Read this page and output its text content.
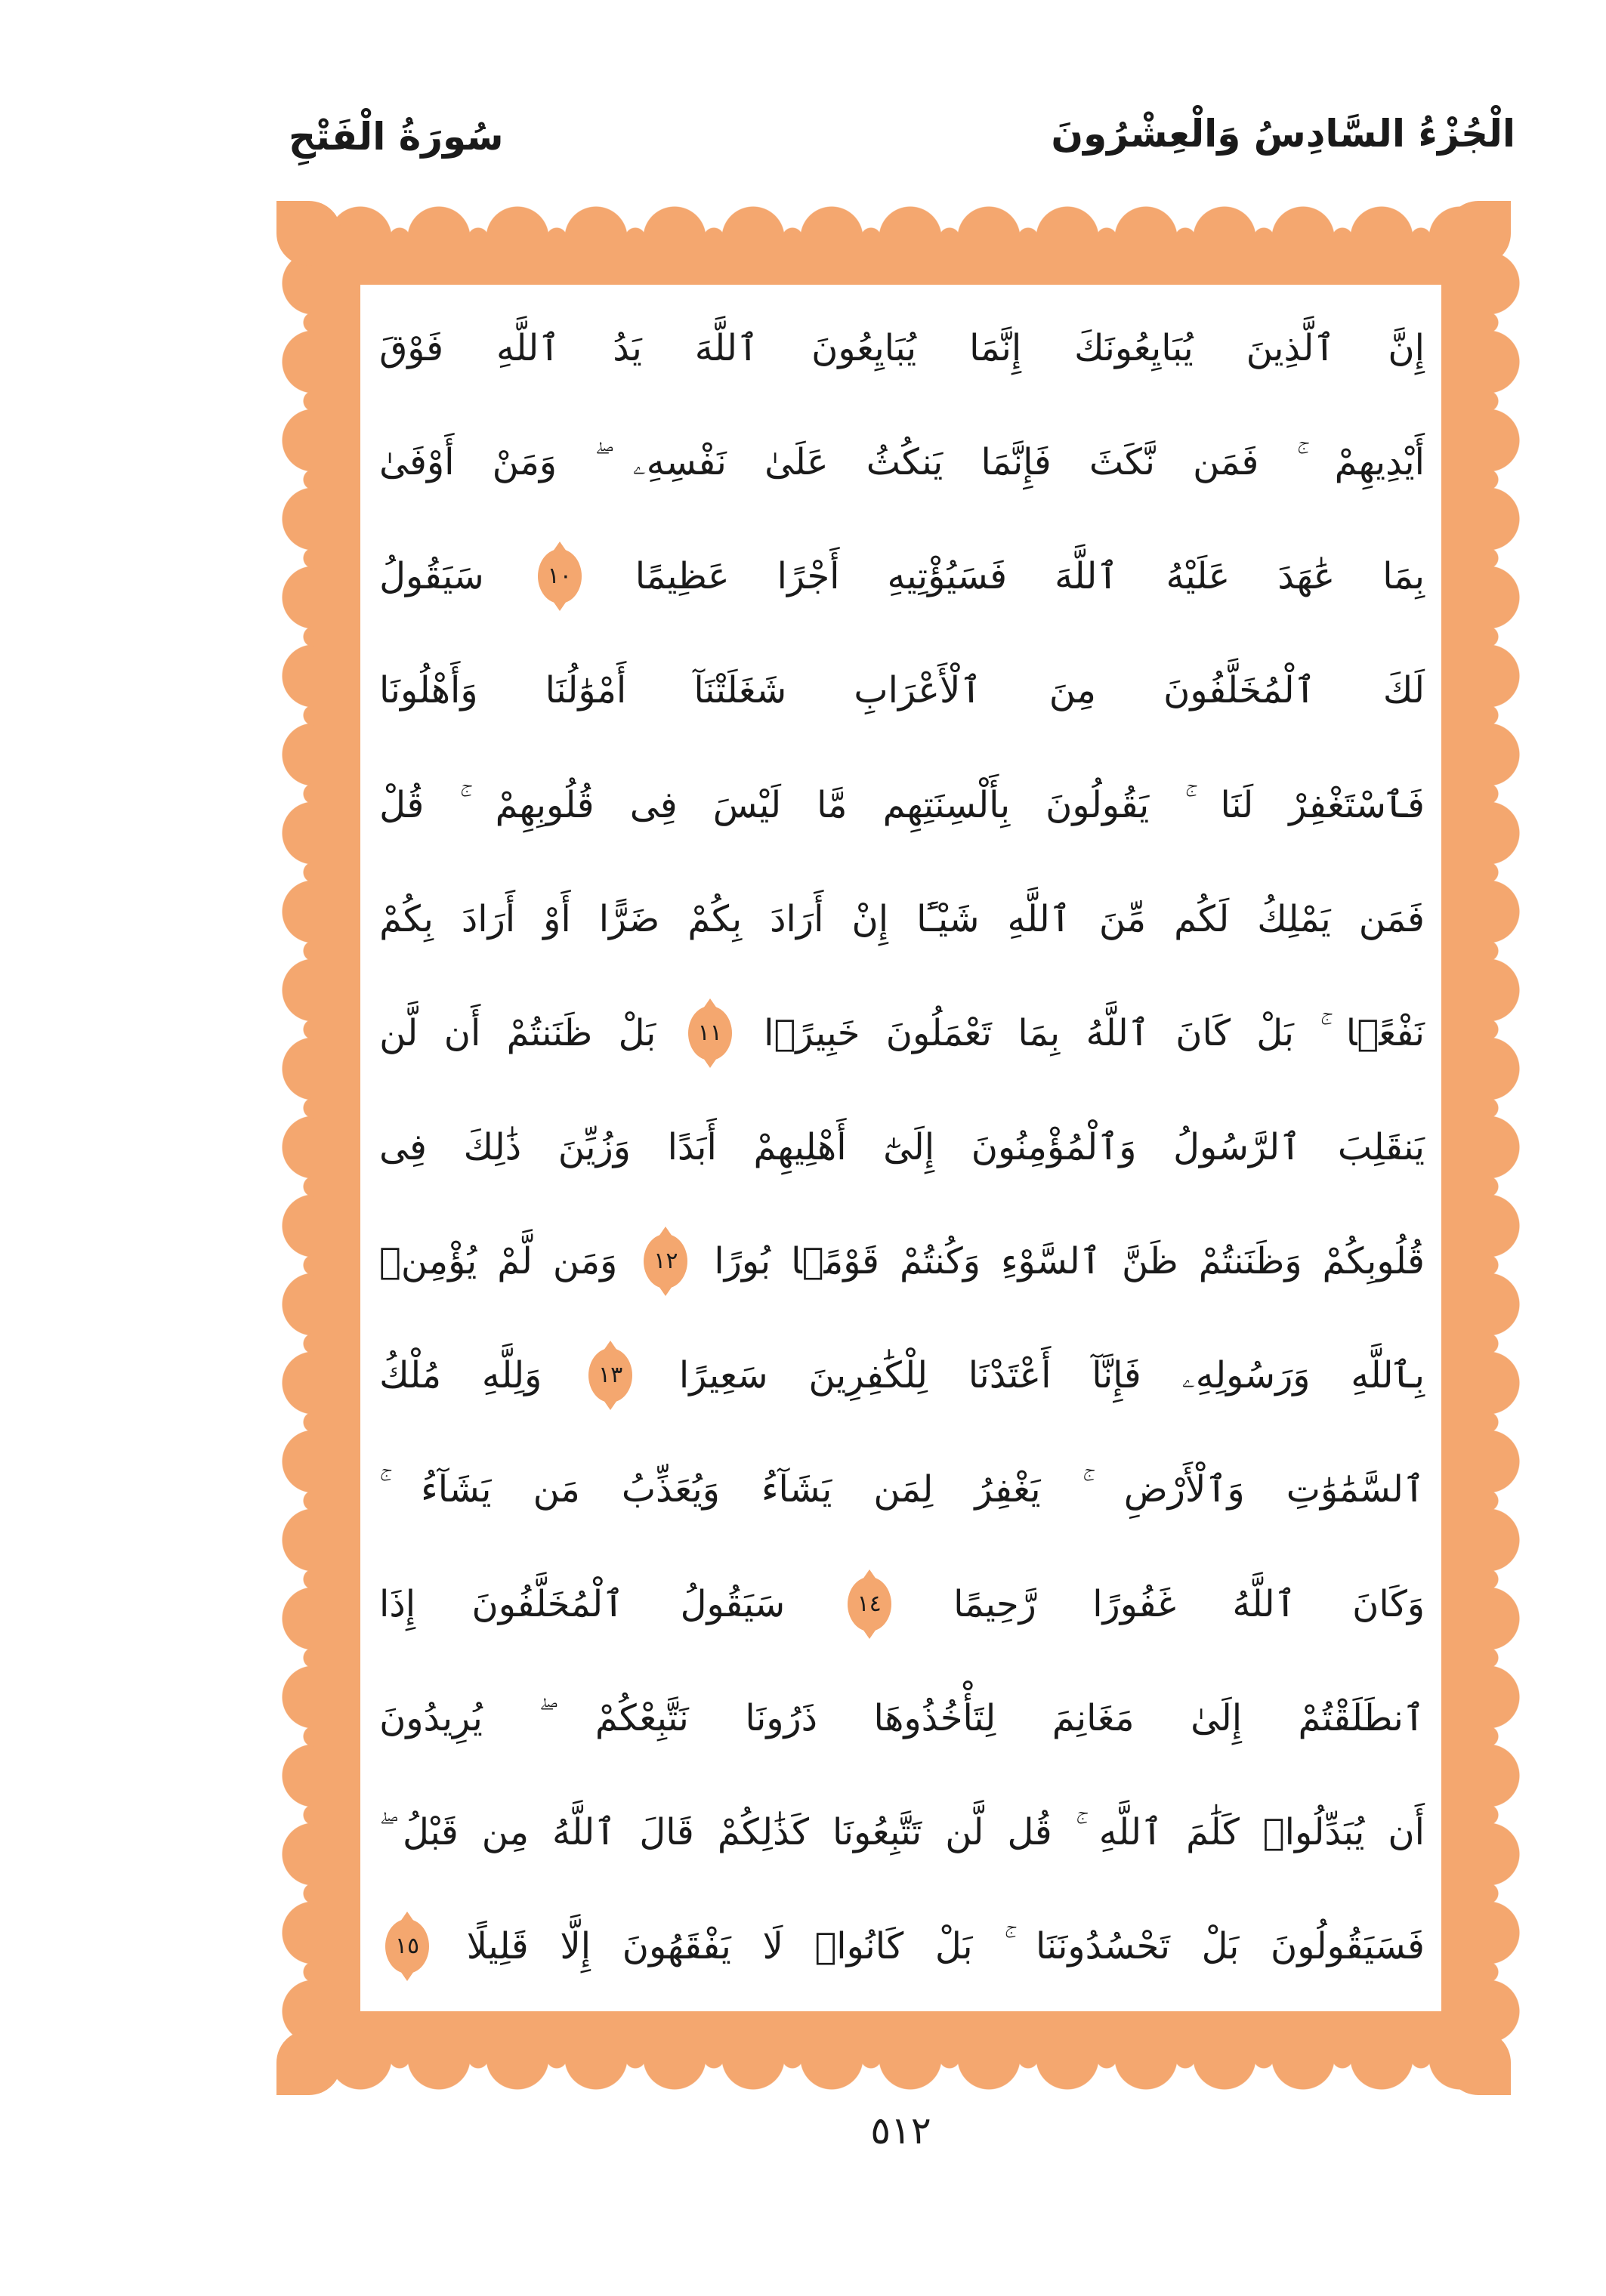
سُورَةُ الْفَتْحِ	الْجُزْءُ السَّادِسُ وَالْعِشْرُونَ
إِنَّ
ٱلَّذِينَ
يُبَايِعُونَكَ
إِنَّمَا
يُبَايِعُونَ
ٱللَّهَ
يَدُ
ٱللَّهِ
فَوْقَ
أَيْدِيهِمْ
فَمَن
نَّكَثَ
فَإِنَّمَا
يَنكُثُ
عَلَىٰ
نَفْسِهِۦ
وَمَنْ
أَوْفَىٰ
بِمَا
عَٰهَدَ
عَلَيْهُ
ٱللَّهَ
فَسَيُؤْتِيهِ
أَجْرًا
عَظِيمًا
١٠
سَيَقُولُ
لَكَ
ٱلْمُخَلَّفُونَ
مِنَ
ٱلْأَعْرَابِ
شَغَلَتْنَآ
أَمْوَٰلُنَا
وَأَهْلُونَا
فَٱسْتَغْفِرْ
لَنَا
يَقُولُونَ
بِأَلْسِنَتِهِم
مَّا
لَيْسَ
فِى
قُلُوبِهِمْ
قُلْ
فَمَن
يَمْلِكُ
لَكُم
مِّنَ
ٱللَّهِ
شَيْـًٔا
إِنْ
أَرَادَ
بِكُمْ
ضَرًّا
أَوْ
أَرَادَ
بِكُمْ
نَفْعًۢا
بَلْ
كَانَ
ٱللَّهُ
بِمَا
تَعْمَلُونَ
خَبِيرًۢا
١١
بَلْ
ظَنَنتُمْ
أَن
لَّن
يَنقَلِبَ
ٱلرَّسُولُ
وَٱلْمُؤْمِنُونَ
إِلَىٰٓ
أَهْلِيهِمْ
أَبَدًا
وَزُيِّنَ
ذَٰلِكَ
فِى
قُلُوبِكُمْ
وَظَنَنتُمْ
ظَنَّ
ٱلسَّوْءِ
وَكُنتُمْ
قَوْمًۢا
بُورًا
١٢
وَمَن
لَّمْ
يُؤْمِنۢ
بِٱللَّهِ
وَرَسُولِهِۦ
فَإِنَّآ
أَعْتَدْنَا
لِلْكَٰفِرِينَ
سَعِيرًا
١٣
وَلِلَّهِ
مُلْكُ
ٱلسَّمَٰوَٰتِ
وَٱلْأَرْضِ
يَغْفِرُ
لِمَن
يَشَآءُ
وَيُعَذِّبُ
مَن
يَشَآءُ
وَكَانَ
ٱللَّهُ
غَفُورًا
رَّحِيمًا
١٤
سَيَقُولُ
ٱلْمُخَلَّفُونَ
إِذَا
ٱنطَلَقْتُمْ
إِلَىٰ
مَغَانِمَ
لِتَأْخُذُوهَا
ذَرُونَا
نَتَّبِعْكُمْ
يُرِيدُونَ
أَن
يُبَدِّلُوا۟
كَلَٰمَ
ٱللَّهِ
قُل
لَّن
تَتَّبِعُونَا
كَذَٰلِكُمْ
قَالَ
ٱللَّهُ
مِن
قَبْلُ
فَسَيَقُولُونَ
بَلْ
تَحْسُدُونَنَا
بَلْ
كَانُوا۟
لَا
يَفْقَهُونَ
إِلَّا
قَلِيلًا
١٥
٥١٢
